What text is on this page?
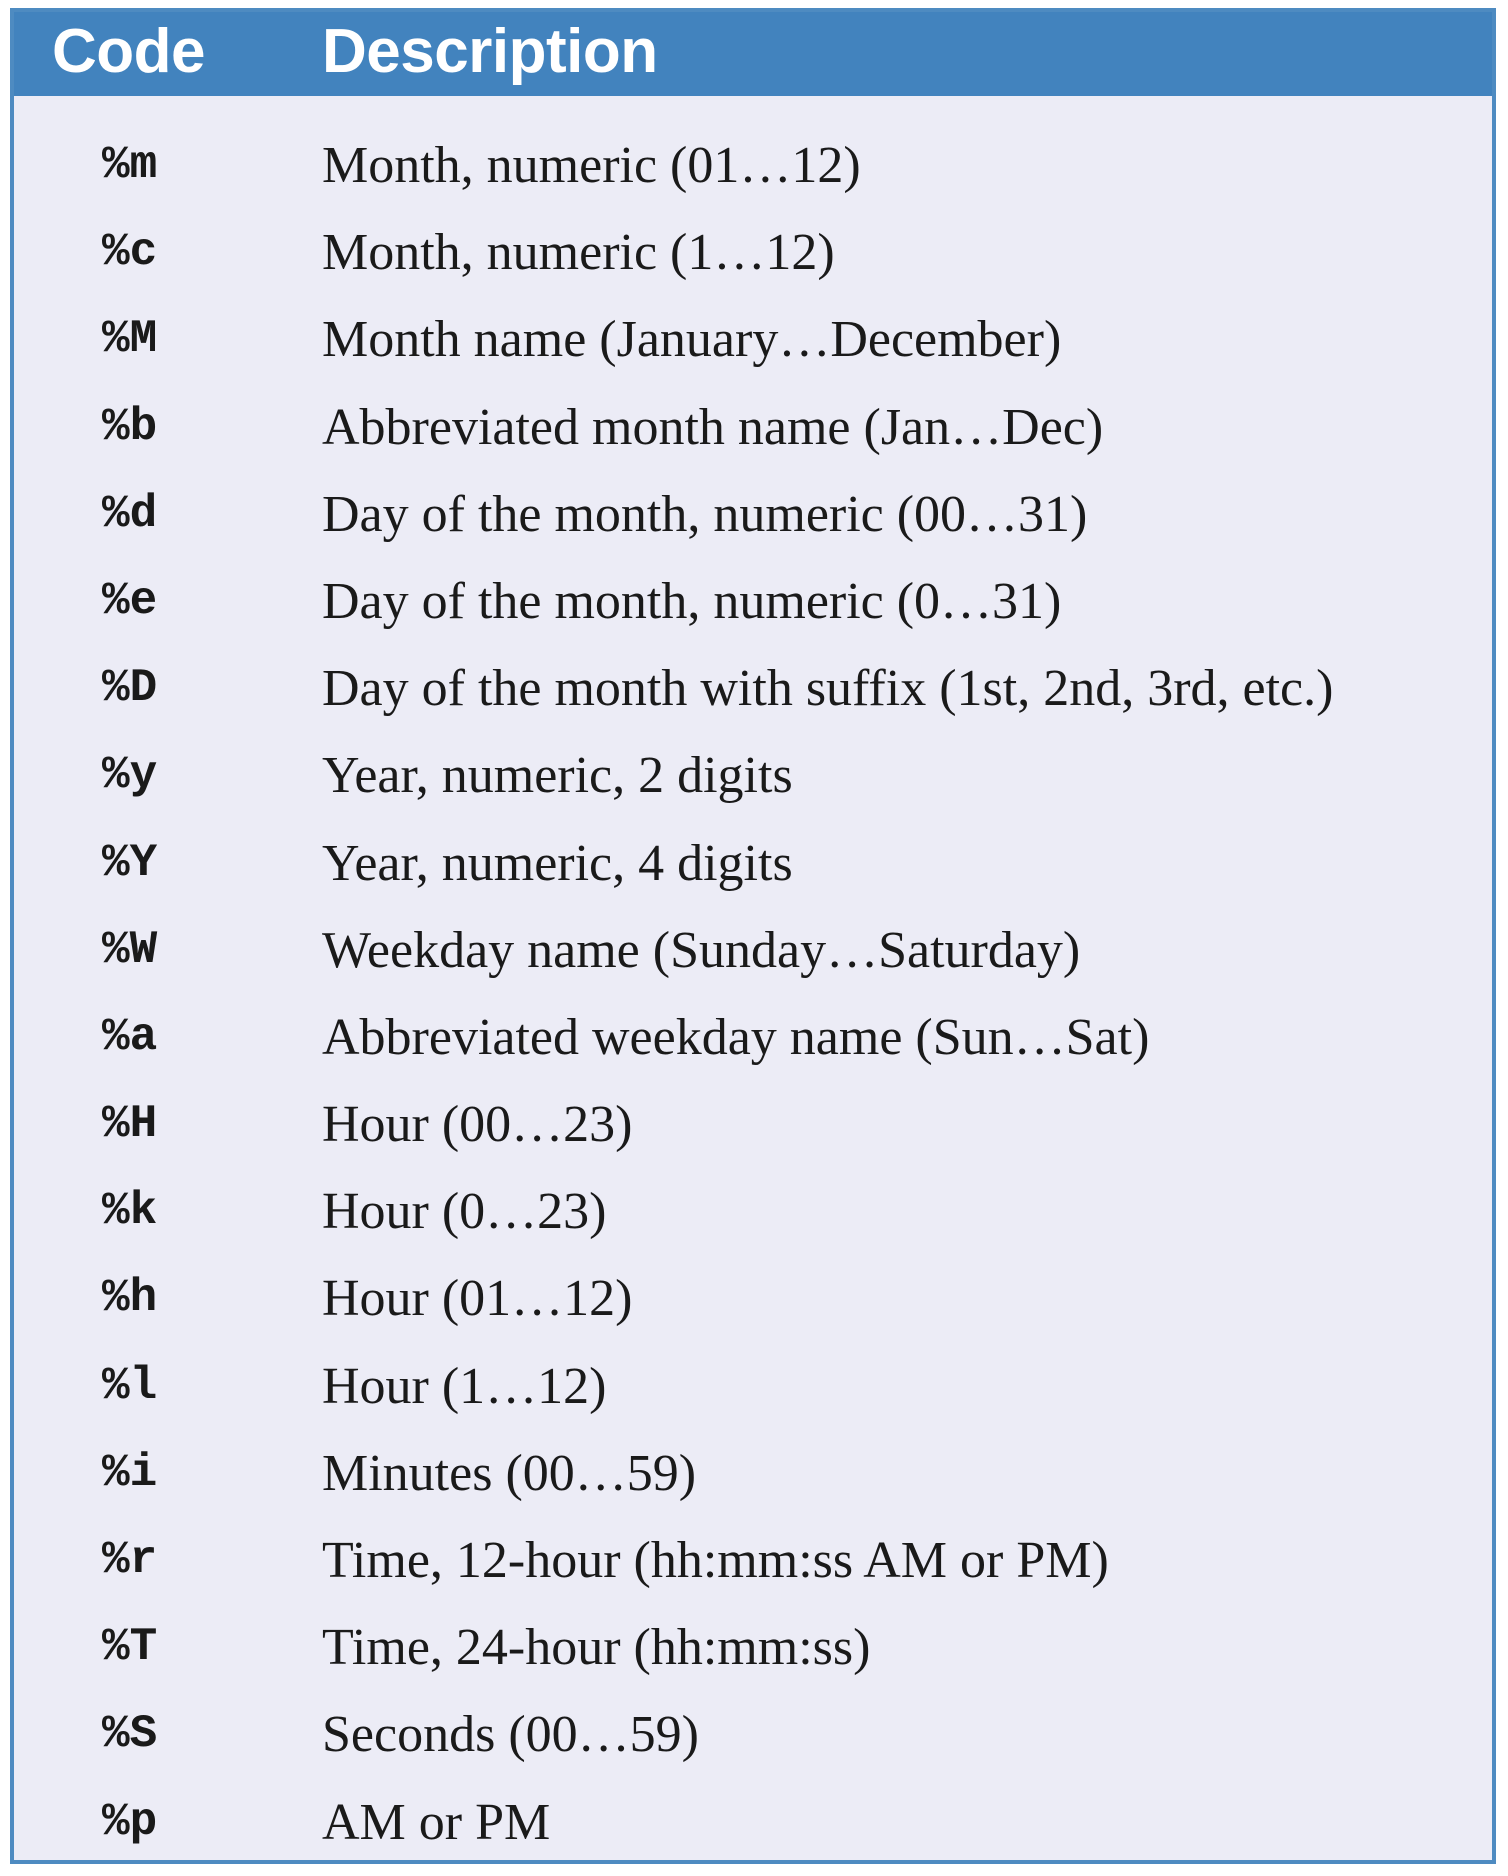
Code Description
%m	Month, numeric (01…12)
%c	Month, numeric (1…12)
%M	Month name (January…December)
%b	Abbreviated month name (Jan…Dec)
%d	Day of the month, numeric (00…31)
%e	Day of the month, numeric (0…31)
%D	Day of the month with suffix (1st, 2nd, 3rd, etc.)
%y	Year, numeric, 2 digits
%Y	Year, numeric, 4 digits
%W	Weekday name (Sunday…Saturday)
%a	Abbreviated weekday name (Sun…Sat)
%H	Hour (00…23)
%k	Hour (0…23)
%h	Hour (01…12)
%l	Hour (1…12)
%i	Minutes (00…59)
%r	Time, 12-hour (hh:mm:ss AM or PM)
%T	Time, 24-hour (hh:mm:ss)
%S	Seconds (00…59)
%p	AM or PM
